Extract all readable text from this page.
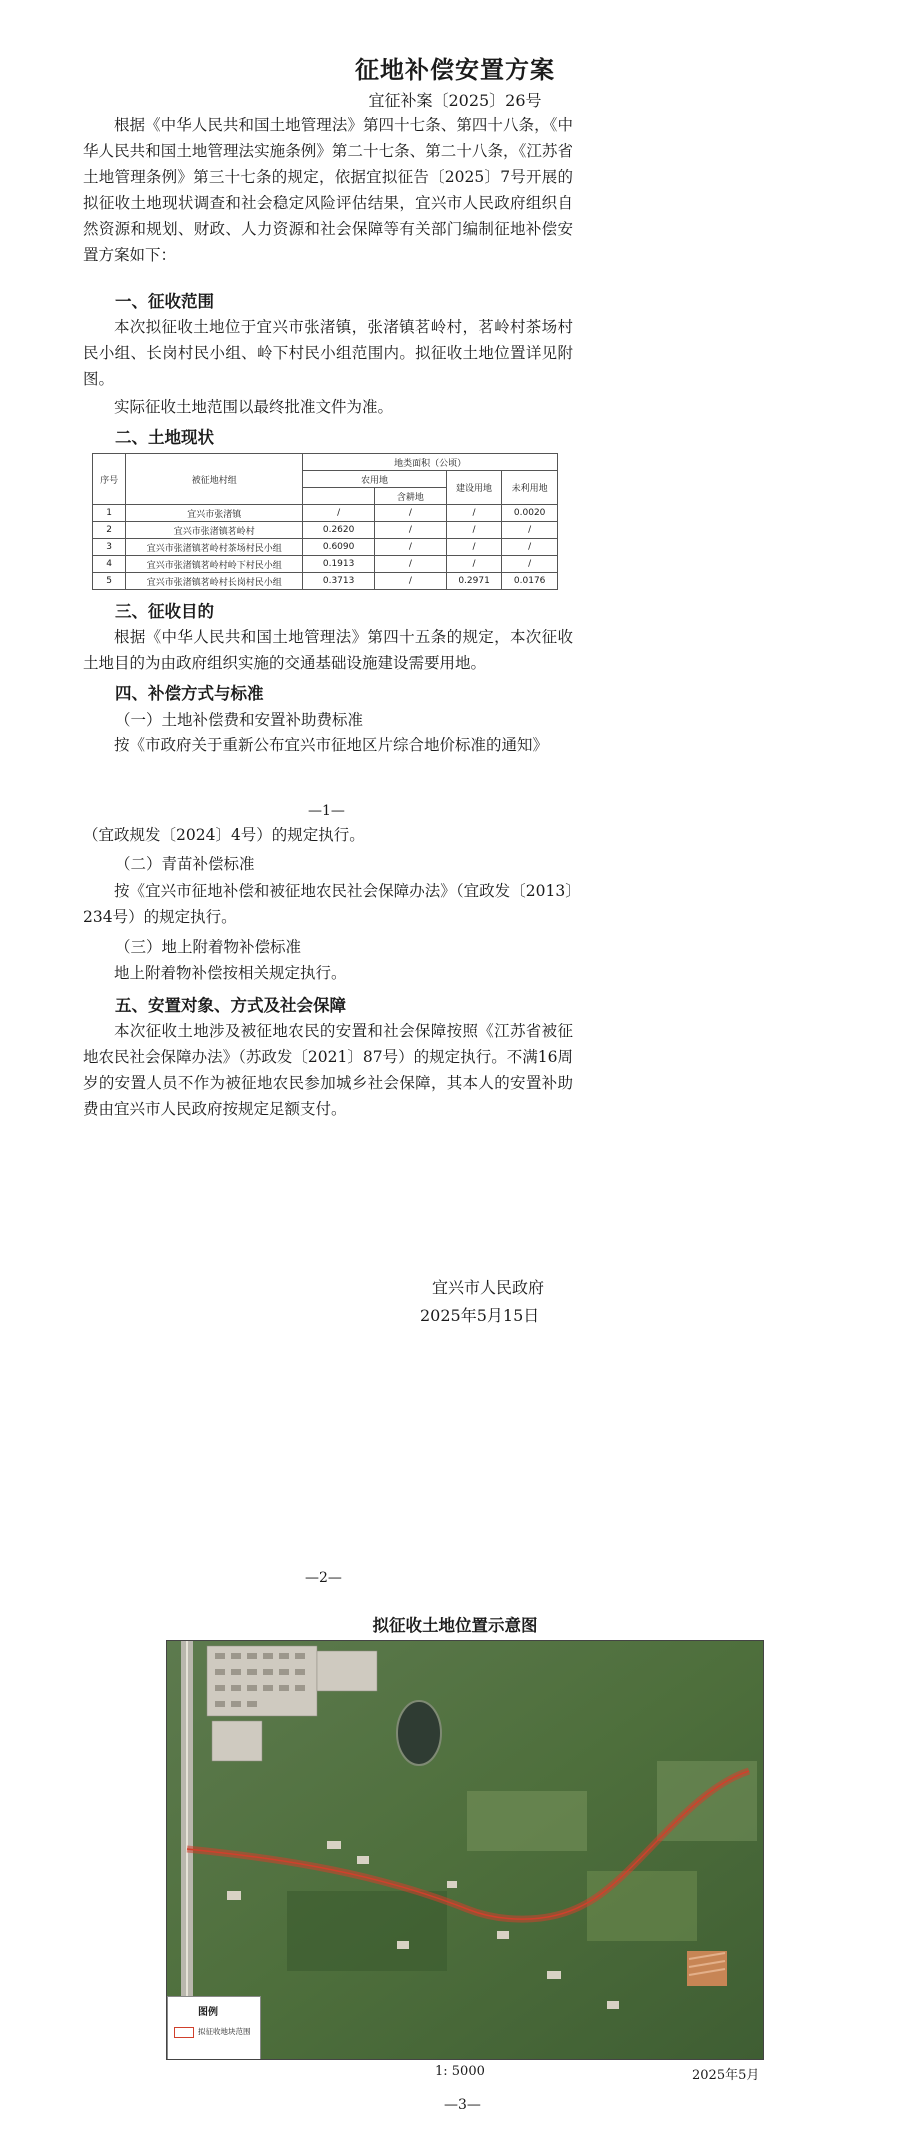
征地补偿安置方案
宜征补案〔2025〕26号

根据《中华人民共和国土地管理法》第四十七条、第四十八条，《中华人民共和国土地管理法实施条例》第二十七条、第二十八条，《江苏省土地管理条例》第三十七条的规定，依据宜拟征告〔2025〕7号开展的拟征收土地现状调查和社会稳定风险评估结果，宜兴市人民政府组织自然资源和规划、财政、人力资源和社会保障等有关部门编制征地补偿安置方案如下：

一、征收范围

本次拟征收土地位于宜兴市张渚镇，张渚镇茗岭村，茗岭村茶场村民小组、长岗村民小组、岭下村民小组范围内。拟征收土地位置详见附图。

实际征收土地范围以最终批准文件为准。

二、土地现状
序号	被征地村组	地类面积（公顷）			
		农用地		建设用地	未利用地
			含耕地		
1	宜兴市张渚镇	/	/	/	0.0020
2	宜兴市张渚镇茗岭村	0.2620	/	/	/
3	宜兴市张渚镇茗岭村茶场村民小组	0.6090	/	/	/
4	宜兴市张渚镇茗岭村岭下村民小组	0.1913	/	/	/
5	宜兴市张渚镇茗岭村长岗村民小组	0.3713	/	0.2971	0.0176
三、征收目的

根据《中华人民共和国土地管理法》第四十五条的规定，本次征收土地目的为由政府组织实施的交通基础设施建设需要用地。

四、补偿方式与标准
（一）土地补偿费和安置补助费标准

按《市政府关于重新公布宜兴市征地区片综合地价标准的通知》

—1—

（宜政规发〔2024〕4号）的规定执行。

（二）青苗补偿标准

按《宜兴市征地补偿和被征地农民社会保障办法》（宜政发〔2013〕234号）的规定执行。

（三）地上附着物补偿标准

地上附着物补偿按相关规定执行。

五、安置对象、方式及社会保障

本次征收土地涉及被征地农民的安置和社会保障按照《江苏省被征地农民社会保障办法》（苏政发〔2021〕87号）的规定执行。不满16周岁的安置人员不作为被征地农民参加城乡社会保障，其本人的安置补助费由宜兴市人民政府按规定足额支付。

宜兴市人民政府
2025年5月15日
—2—
拟征收土地位置示意图
图例
拟征收地块范围
1: 5000	2025年5月
—3—
